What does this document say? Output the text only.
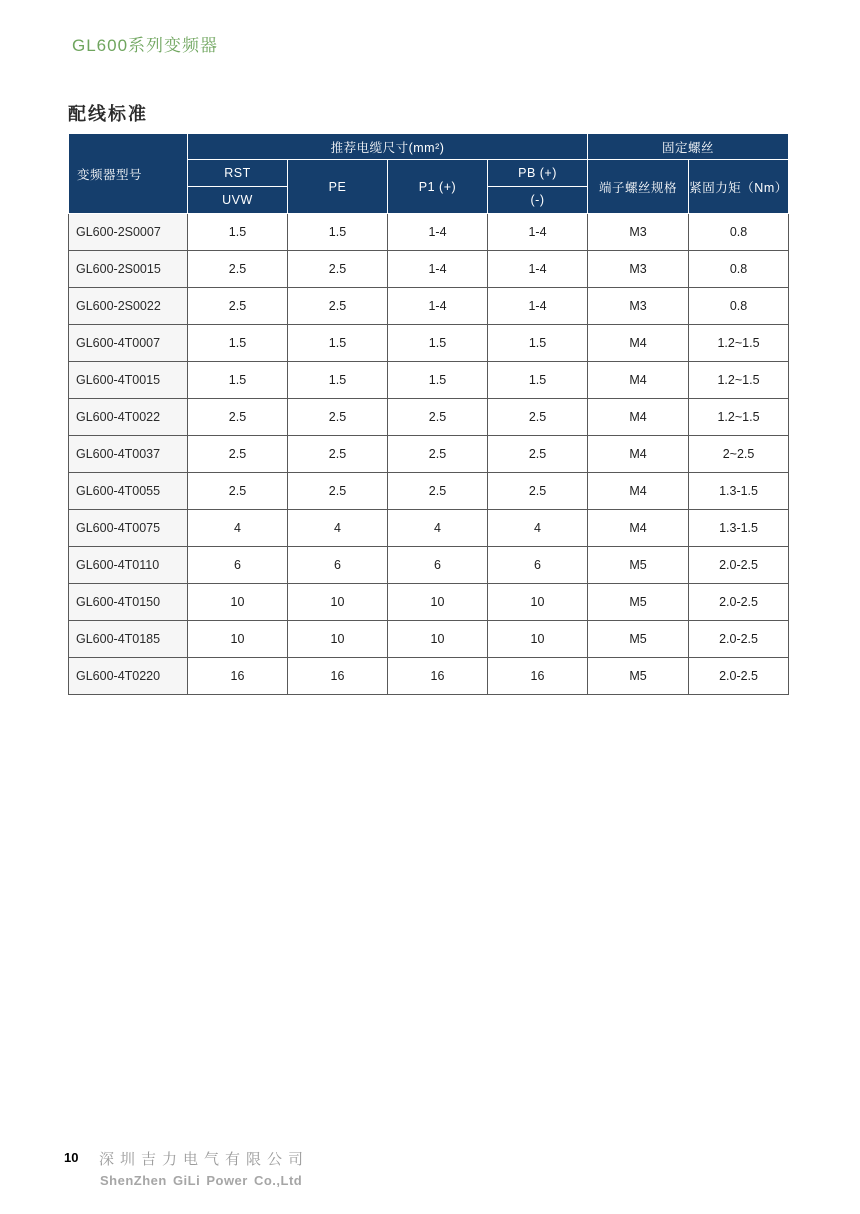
GL600系列变频器
配线标准
变频器型号	推荐电缆尺寸(mm²)				固定螺丝	
	RST	PE	P1 (+)	PB (+)	端子螺丝规格	紧固力矩（Nm）
	UVW			(-)		
GL600-2S0007	1.5	1.5	1-4	1-4	M3	0.8
GL600-2S0015	2.5	2.5	1-4	1-4	M3	0.8
GL600-2S0022	2.5	2.5	1-4	1-4	M3	0.8
GL600-4T0007	1.5	1.5	1.5	1.5	M4	1.2~1.5
GL600-4T0015	1.5	1.5	1.5	1.5	M4	1.2~1.5
GL600-4T0022	2.5	2.5	2.5	2.5	M4	1.2~1.5
GL600-4T0037	2.5	2.5	2.5	2.5	M4	2~2.5
GL600-4T0055	2.5	2.5	2.5	2.5	M4	1.3-1.5
GL600-4T0075	4	4	4	4	M4	1.3-1.5
GL600-4T0110	6	6	6	6	M5	2.0-2.5
GL600-4T0150	10	10	10	10	M5	2.0-2.5
GL600-4T0185	10	10	10	10	M5	2.0-2.5
GL600-4T0220	16	16	16	16	M5	2.0-2.5
10 深圳吉力电气有限公司
ShenZhen GiLi Power Co.,Ltd
